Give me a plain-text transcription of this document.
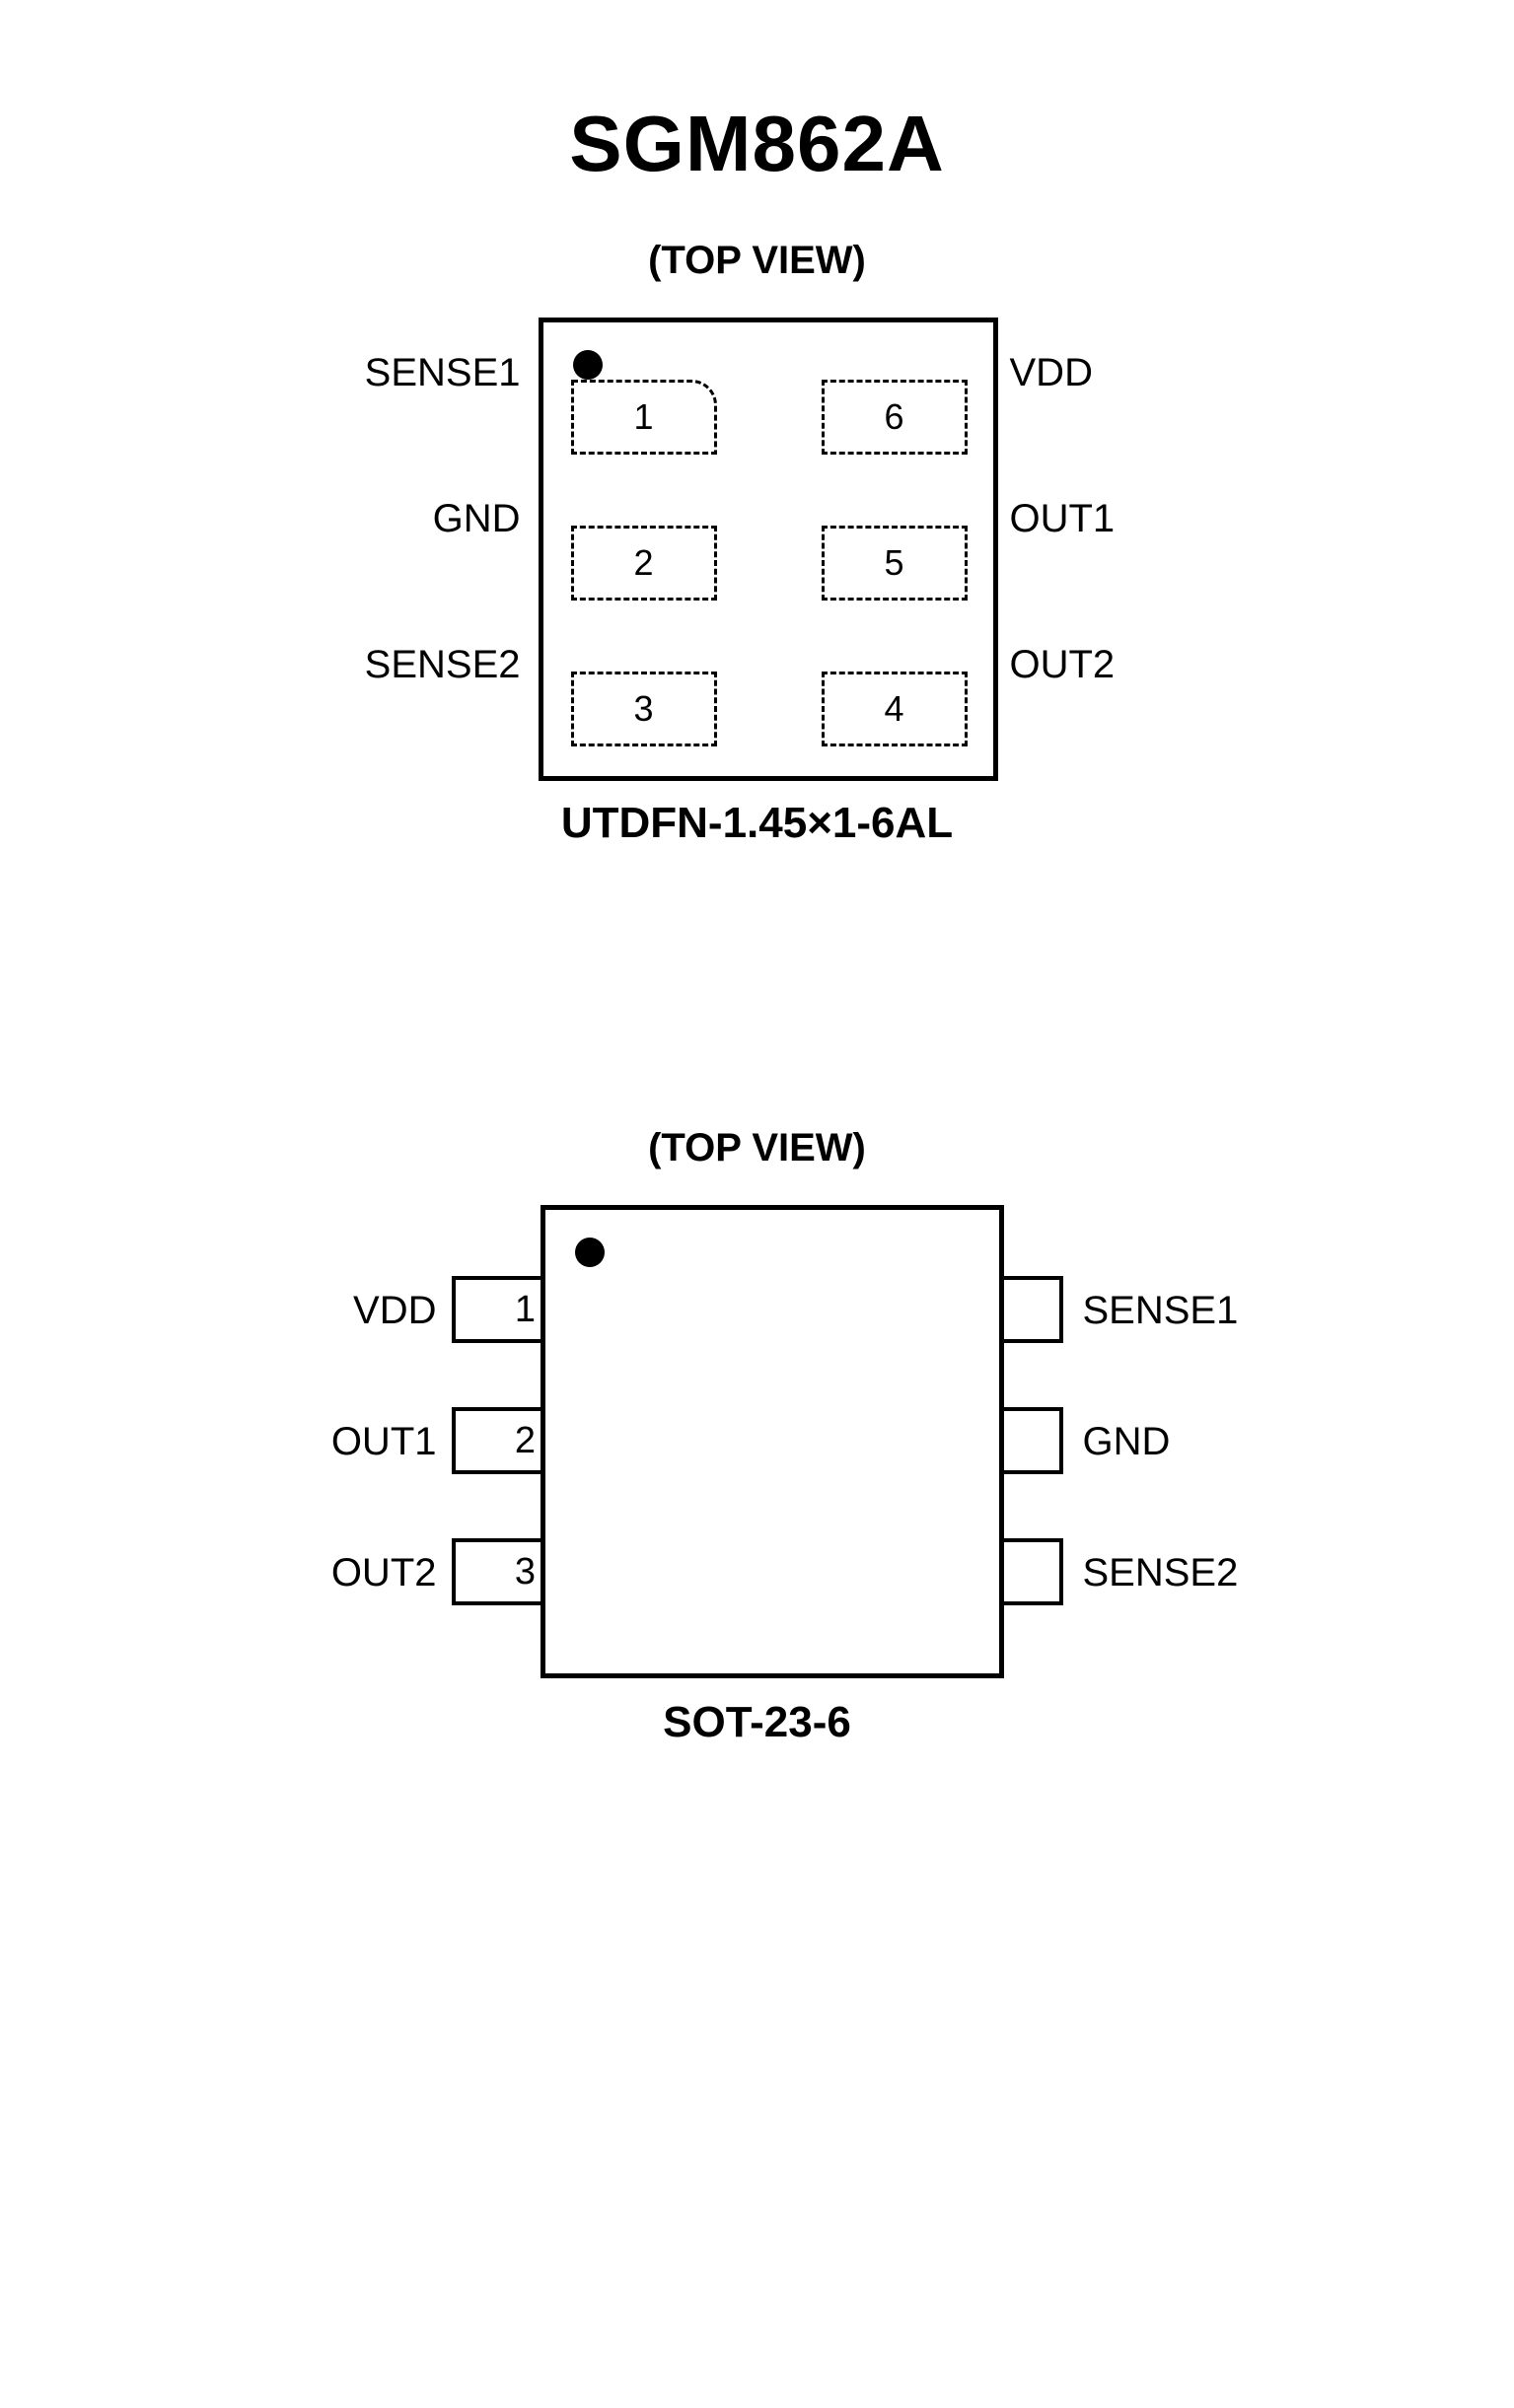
SGM862A
(TOP VIEW)
SENSE1
GND
SENSE2
VDD
OUT1
OUT2
1
2
3
6
5
4
UTDFN-1.45×1-6AL
(TOP VIEW)
VDD
OUT1
OUT2
SENSE1
GND
SENSE2
1
2
3
SOT-23-6
